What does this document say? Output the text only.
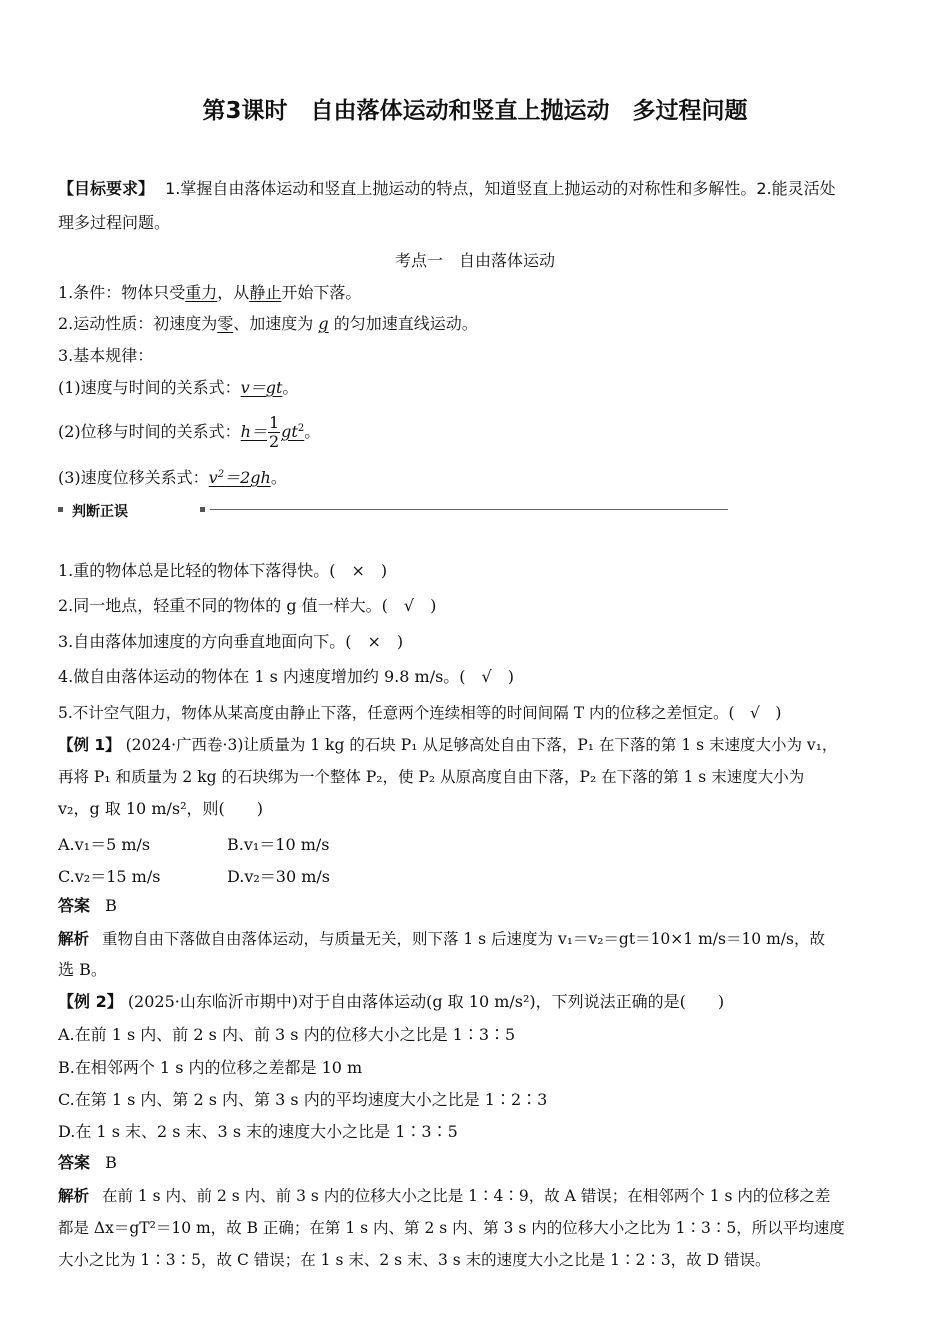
第3课时　自由落体运动和竖直上抛运动　多过程问题
【目标要求】 1.掌握自由落体运动和竖直上抛运动的特点，知道竖直上抛运动的对称性和多解性。2.能灵活处
理多过程问题。
考点一　自由落体运动
1.条件：物体只受重力，从静止开始下落。
2.运动性质：初速度为零、加速度为 g 的匀加速直线运动。
3.基本规律：
(1)速度与时间的关系式：v＝gt。
(2)位移与时间的关系式：$h= \frac{1}{2} gt^2$。
(3)速度位移关系式：$v^2=2gh$。
判断正误
1.重的物体总是比轻的物体下落得快。(　×　)
2.同一地点，轻重不同的物体的 g 值一样大。(　√　)
3.自由落体加速度的方向垂直地面向下。(　×　)
4.做自由落体运动的物体在 1 s 内速度增加约 9.8 m/s。(　√　)
5.不计空气阻力，物体从某高度由静止下落，任意两个连续相等的时间间隔 T 内的位移之差恒定。(　√　)
【例 1】 (2024·广西卷·3)让质量为 1 kg 的石块 P₁ 从足够高处自由下落，P₁ 在下落的第 1 s 末速度大小为 v₁，
再将 P₁ 和质量为 2 kg 的石块绑为一个整体 P₂，使 P₂ 从原高度自由下落，P₂ 在下落的第 1 s 末速度大小为
v₂，g 取 10 m/s²，则(　　)
A.v₁＝5 m/s	B.v₁＝10 m/s
C.v₂＝15 m/s	D.v₂＝30 m/s
答案 B
解析 重物自由下落做自由落体运动，与质量无关，则下落 1 s 后速度为 v₁＝v₂＝gt＝10×1 m/s＝10 m/s，故
选 B。
【例 2】 (2025·山东临沂市期中)对于自由落体运动(g 取 10 m/s²)，下列说法正确的是(　　)
A.在前 1 s 内、前 2 s 内、前 3 s 内的位移大小之比是 1∶3∶5
B.在相邻两个 1 s 内的位移之差都是 10 m
C.在第 1 s 内、第 2 s 内、第 3 s 内的平均速度大小之比是 1∶2∶3
D.在 1 s 末、2 s 末、3 s 末的速度大小之比是 1∶3∶5
答案 B
解析 在前 1 s 内、前 2 s 内、前 3 s 内的位移大小之比是 1∶4∶9，故 A 错误；在相邻两个 1 s 内的位移之差
都是 Δx＝gT²＝10 m，故 B 正确；在第 1 s 内、第 2 s 内、第 3 s 内的位移大小之比为 1∶3∶5，所以平均速度
大小之比为 1∶3∶5，故 C 错误；在 1 s 末、2 s 末、3 s 末的速度大小之比是 1∶2∶3，故 D 错误。
